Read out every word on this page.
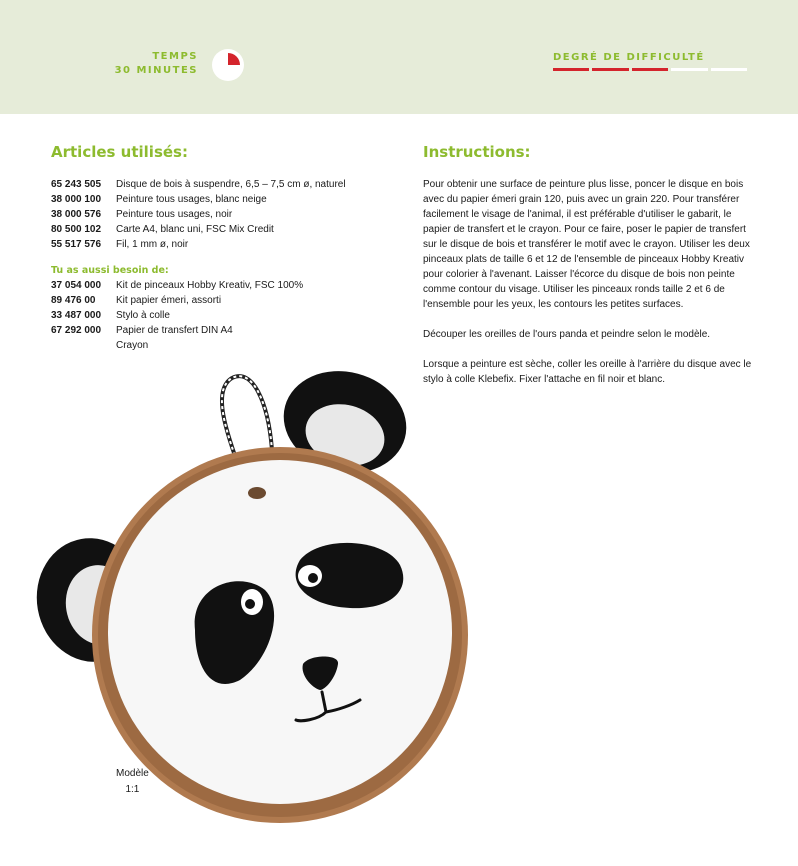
TEMPS
30 MINUTES
DEGRÉ DE DIFFICULTÉ
Articles utilisés:
65 243 505	Disque de bois à suspendre, 6,5 – 7,5 cm ø, naturel
38 000 100	Peinture tous usages, blanc neige
38 000 576	Peinture tous usages, noir
80 500 102	Carte A4, blanc uni, FSC Mix Credit
55 517 576	Fil, 1 mm ø, noir
Tu as aussi besoin de:
37 054 000	Kit de pinceaux Hobby Kreativ, FSC 100%
89 476 00	Kit papier émeri, assorti
33 487 000	Stylo à colle
67 292 000	Papier de transfert DIN A4
Crayon
Instructions:
Pour obtenir une surface de peinture plus lisse, poncer le disque en bois avec du papier émeri grain 120, puis avec un grain 220. Pour transférer facilement le visage de l'animal, il est préférable d'utiliser le gabarit, le papier de transfert et le crayon. Pour ce faire, poser le papier de transfert sur le disque de bois et transférer le motif avec le crayon. Utiliser les deux pinceaux plats de taille 6 et 12 de l'ensemble de pinceaux Hobby Kreativ pour colorier à l'avenant. Laisser l'écorce du disque de bois non peinte comme contour du visage. Utiliser les pinceaux ronds taille 2 et 6 de l'ensemble pour les yeux, les contours les petites surfaces.
Découper les oreilles de l'ours panda et peindre selon le modèle.
Lorsque a peinture est sèche, coller les oreille à l'arrière du disque avec le stylo à colle Klebefix. Fixer l'attache en fil noir et blanc.
Modèle
1:1
